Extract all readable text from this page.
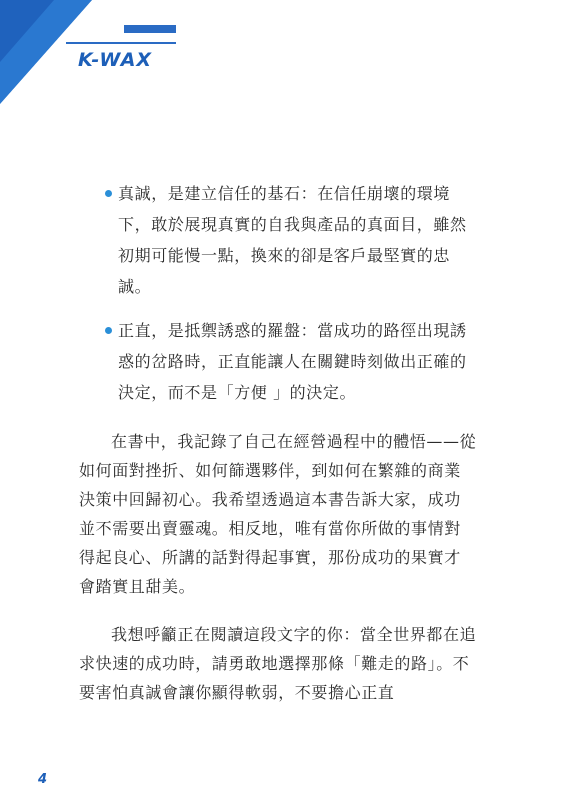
K-WAX
真誠，是建立信任的基石：在信任崩壞的環境下，敢於展現真實的自我與產品的真面目，雖然初期可能慢一點，換來的卻是客戶最堅實的忠誠。
正直，是抵禦誘惑的羅盤：當成功的路徑出現誘惑的岔路時，正直能讓人在關鍵時刻做出正確的決定，而不是「方便 」的決定。

在書中，我記錄了自己在經營過程中的體悟——從如何面對挫折、如何篩選夥伴，到如何在繁雜的商業決策中回歸初心。我希望透過這本書告訴大家，成功並不需要出賣靈魂。相反地，唯有當你所做的事情對得起良心、所講的話對得起事實，那份成功的果實才會踏實且甜美。

我想呼籲正在閱讀這段文字的你：當全世界都在追求快速的成功時，請勇敢地選擇那條「難走的路」。不要害怕真誠會讓你顯得軟弱，不要擔心正直

4
